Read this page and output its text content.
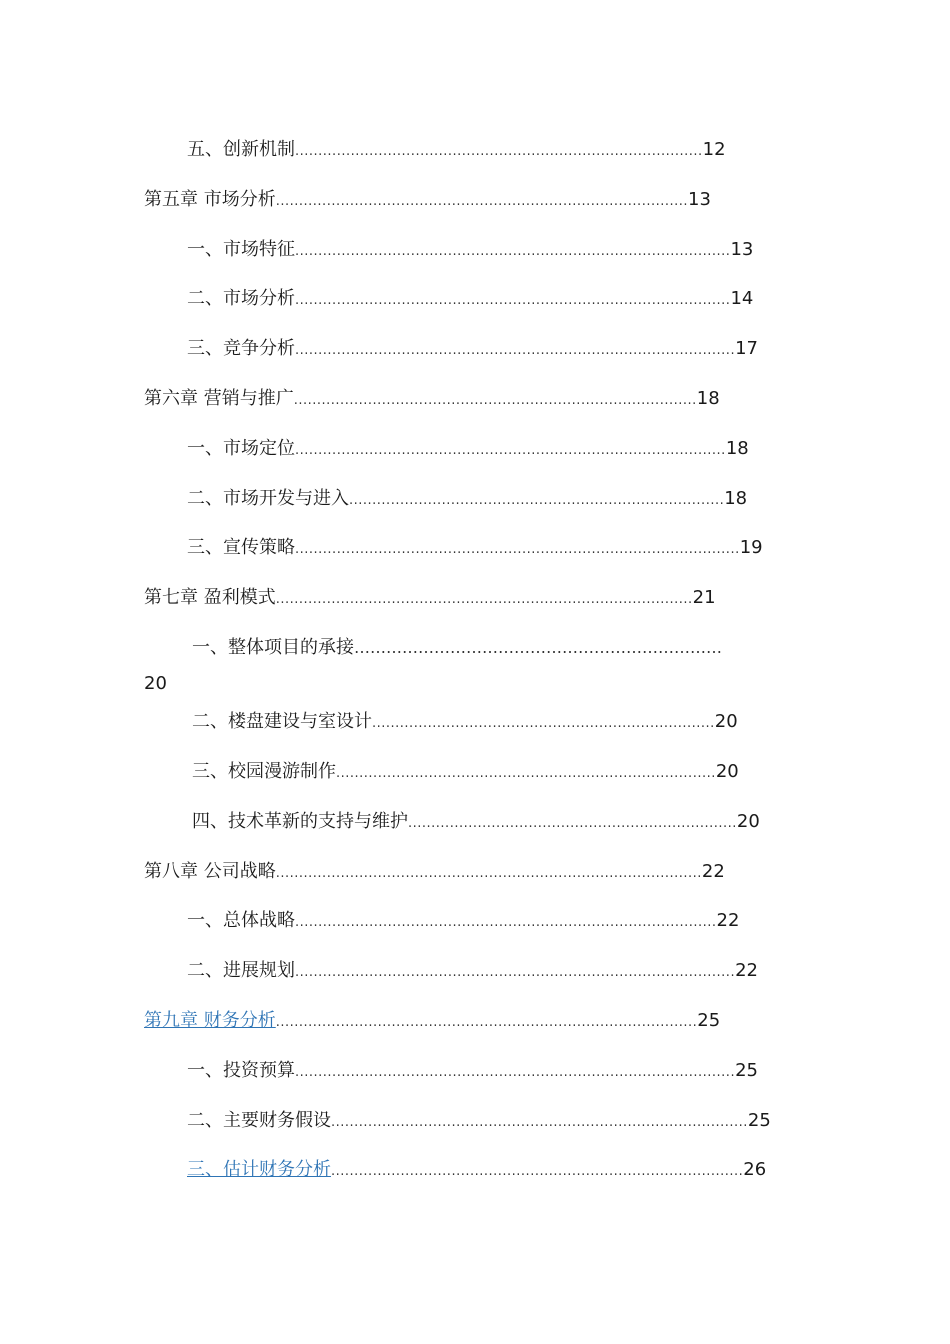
五、创新机制........................................................................................12
第五章 市场分析.........................................................................................13
一、市场特征..............................................................................................13
二、市场分析..............................................................................................14
三、竞争分析...............................................................................................17
第六章 营销与推广.......................................................................................18
一、市场定位.............................................................................................18
二、市场开发与进入.................................................................................18
三、宣传策略................................................................................................19
第七章 盈利模式..........................................................................................21
一、整体项目的承接……………………………………………………………
20
二、楼盘建设与室设计..........................................................................20
三、校园漫游制作..................................................................................20
四、技术革新的支持与维护.......................................................................20
第八章 公司战略............................................................................................22
一、总体战略...........................................................................................22
二、进展规划...............................................................................................22
第九章 财务分析...........................................................................................25
一、投资预算...............................................................................................25
二、主要财务假设..........................................................................................25
三、估计财务分析.........................................................................................26
